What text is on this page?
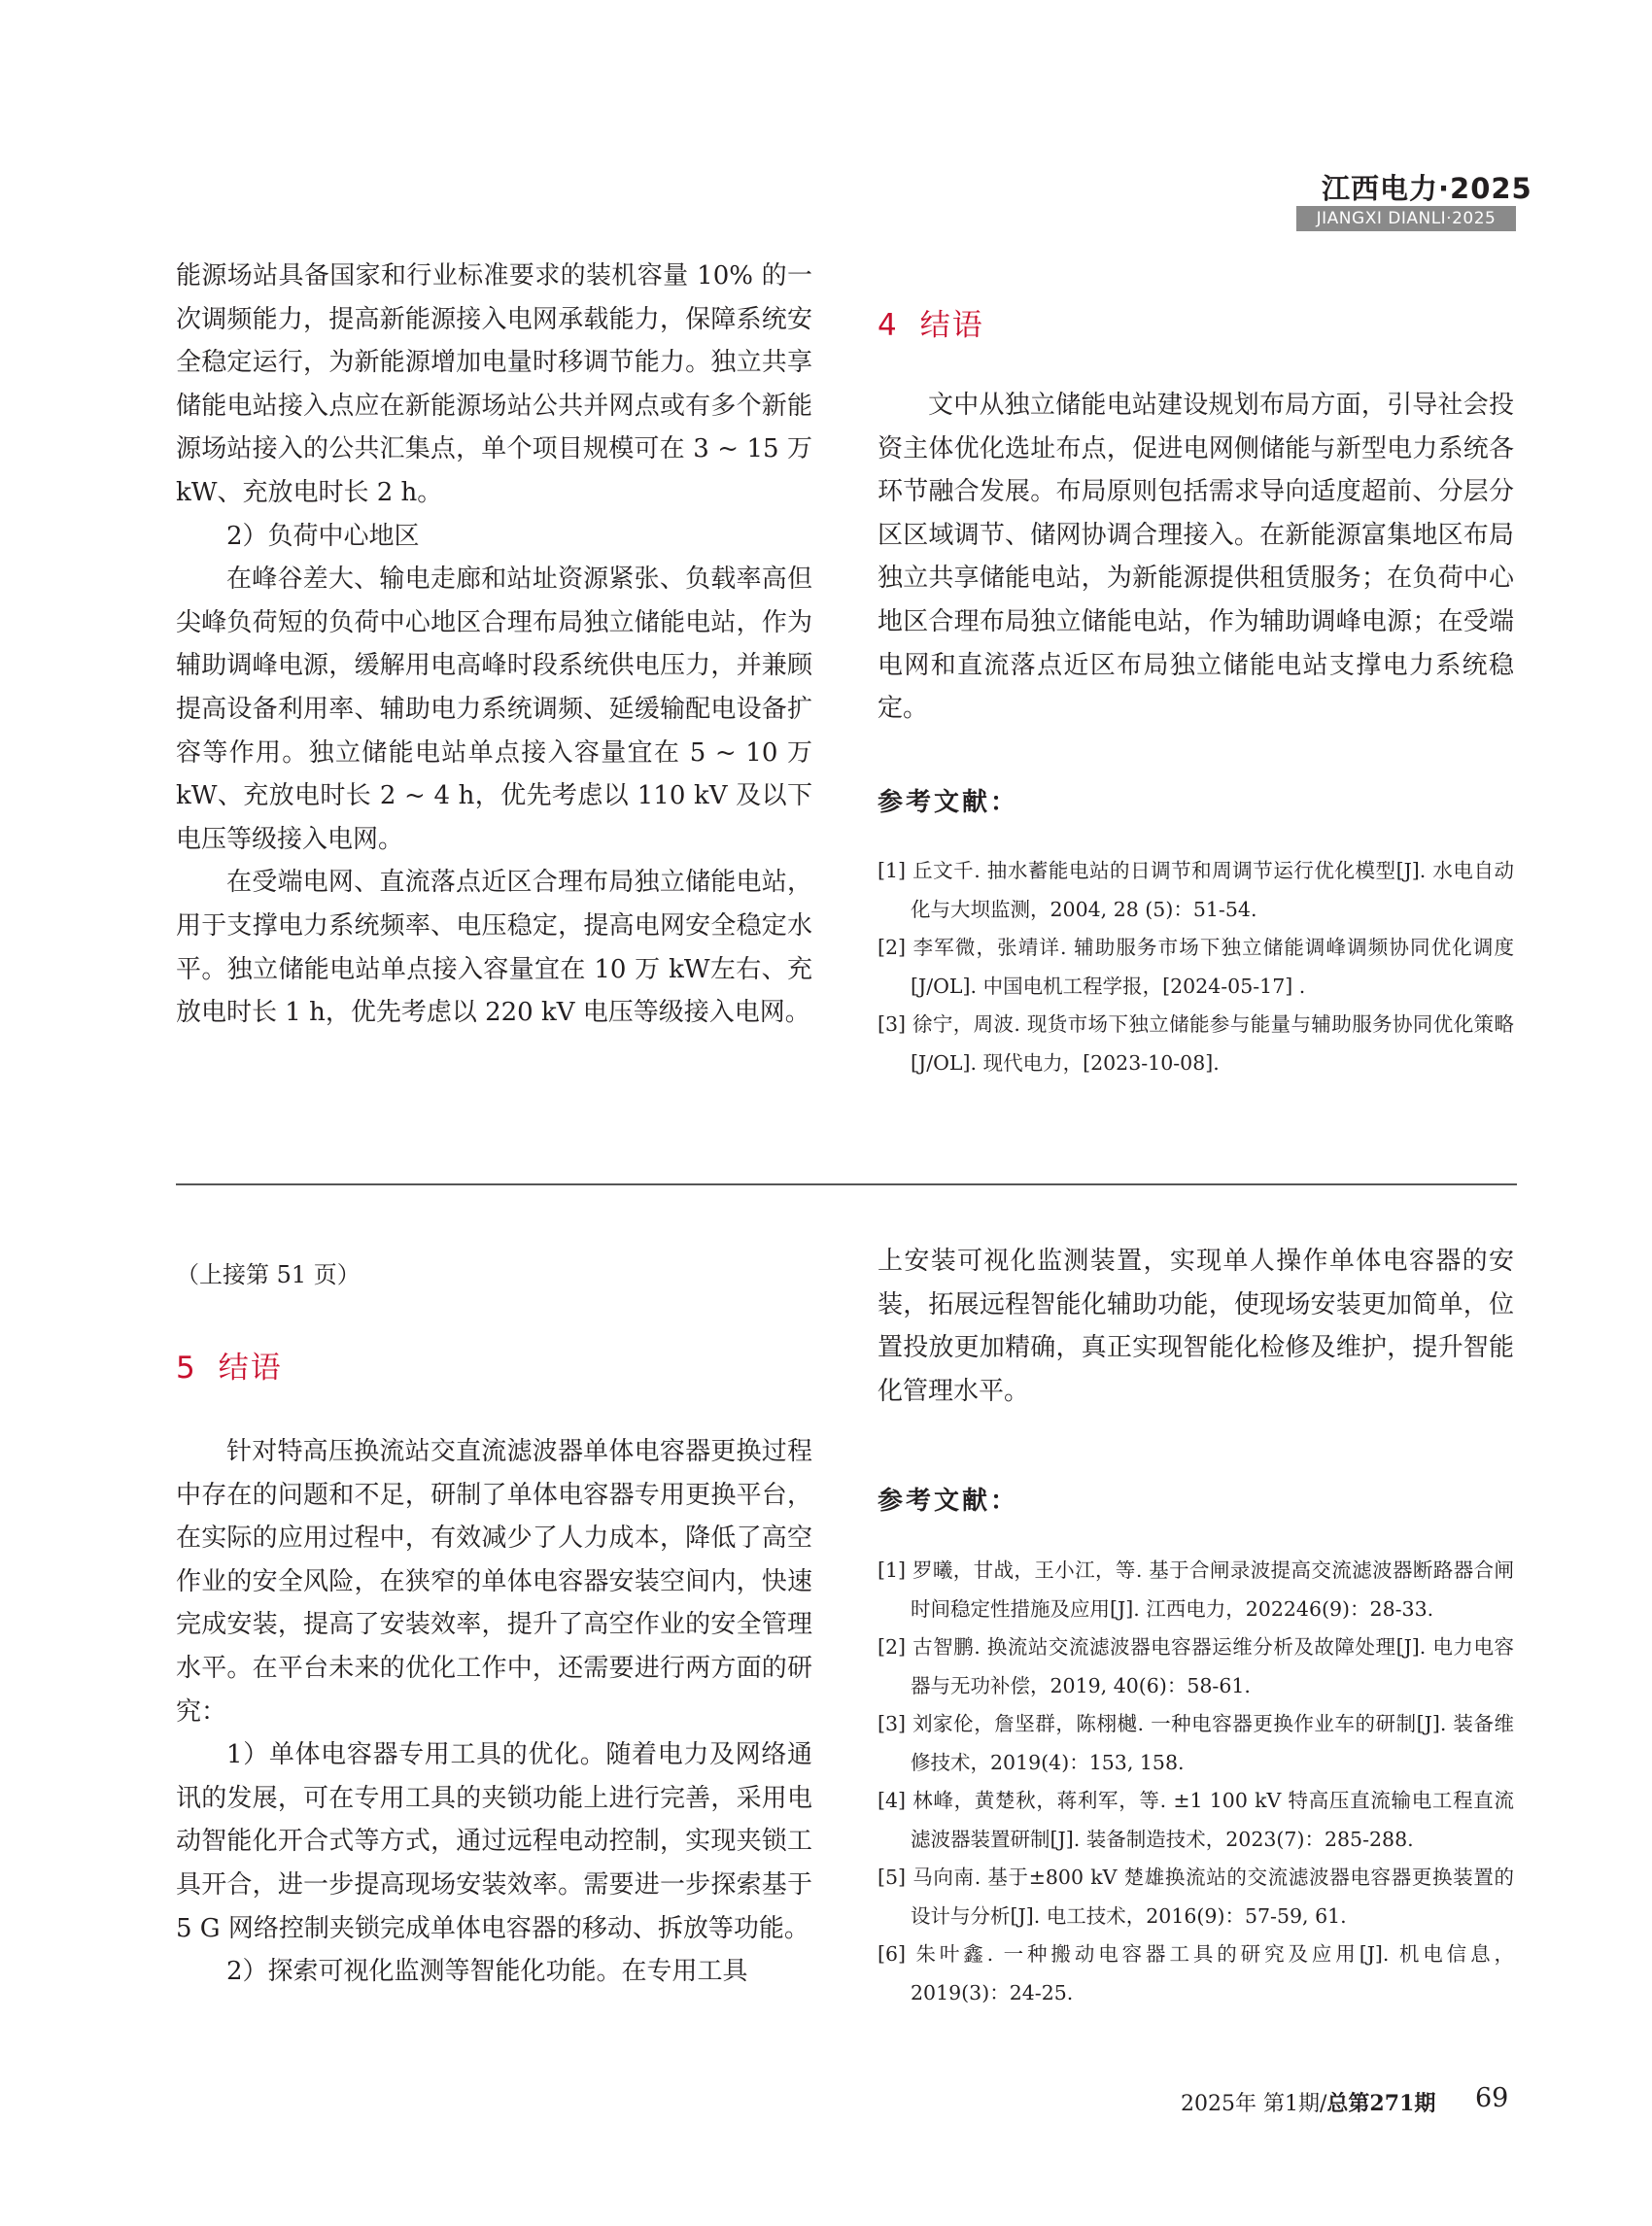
江西电力·2025
JIANGXI DIANLI·2025

能源场站具备国家和行业标准要求的装机容量 10% 的一次调频能力，提高新能源接入电网承载能力，保障系统安全稳定运行，为新能源增加电量时移调节能力。独立共享储能电站接入点应在新能源场站公共并网点或有多个新能源场站接入的公共汇集点，单个项目规模可在 3 ~ 15 万 kW、充放电时长 2 h。

2）负荷中心地区

在峰谷差大、输电走廊和站址资源紧张、负载率高但尖峰负荷短的负荷中心地区合理布局独立储能电站，作为辅助调峰电源，缓解用电高峰时段系统供电压力，并兼顾提高设备利用率、辅助电力系统调频、延缓输配电设备扩容等作用。独立储能电站单点接入容量宜在 5 ~ 10 万 kW、充放电时长 2 ~ 4 h，优先考虑以 110 kV 及以下电压等级接入电网。

在受端电网、直流落点近区合理布局独立储能电站，用于支撑电力系统频率、电压稳定，提高电网安全稳定水平。独立储能电站单点接入容量宜在 10 万 kW左右、充放电时长 1 h，优先考虑以 220 kV 电压等级接入电网。

4 结语

文中从独立储能电站建设规划布局方面，引导社会投资主体优化选址布点，促进电网侧储能与新型电力系统各环节融合发展。布局原则包括需求导向适度超前、分层分区区域调节、储网协调合理接入。在新能源富集地区布局独立共享储能电站，为新能源提供租赁服务；在负荷中心地区合理布局独立储能电站，作为辅助调峰电源；在受端电网和直流落点近区布局独立储能电站支撑电力系统稳定。

参考文献：
[1] 丘文千. 抽水蓄能电站的日调节和周调节运行优化模型[J]. 水电自动化与大坝监测，2004, 28 (5)：51-54.
[2] 李军微，张靖详. 辅助服务市场下独立储能调峰调频协同优化调度[J/OL]. 中国电机工程学报，[2024-05-17] .
[3] 徐宁，周波. 现货市场下独立储能参与能量与辅助服务协同优化策略[J/OL]. 现代电力，[2023-10-08].
（上接第 51 页）
5 结语

针对特高压换流站交直流滤波器单体电容器更换过程中存在的问题和不足，研制了单体电容器专用更换平台，在实际的应用过程中，有效减少了人力成本，降低了高空作业的安全风险，在狭窄的单体电容器安装空间内，快速完成安装，提高了安装效率，提升了高空作业的安全管理水平。在平台未来的优化工作中，还需要进行两方面的研究：

1）单体电容器专用工具的优化。随着电力及网络通讯的发展，可在专用工具的夹锁功能上进行完善，采用电动智能化开合式等方式，通过远程电动控制，实现夹锁工具开合，进一步提高现场安装效率。需要进一步探索基于 5 G 网络控制夹锁完成单体电容器的移动、拆放等功能。

2）探索可视化监测等智能化功能。在专用工具

上安装可视化监测装置，实现单人操作单体电容器的安装，拓展远程智能化辅助功能，使现场安装更加简单，位置投放更加精确，真正实现智能化检修及维护，提升智能化管理水平。

参考文献：
[1] 罗曦，甘战，王小江，等. 基于合闸录波提高交流滤波器断路器合闸时间稳定性措施及应用[J]. 江西电力，202246(9)：28-33.
[2] 古智鹏. 换流站交流滤波器电容器运维分析及故障处理[J]. 电力电容器与无功补偿，2019, 40(6)：58-61.
[3] 刘家伦，詹坚群，陈栩樾. 一种电容器更换作业车的研制[J]. 装备维修技术，2019(4)：153, 158.
[4] 林峰，黄楚秋，蒋利军，等. ±1 100 kV 特高压直流输电工程直流滤波器装置研制[J]. 装备制造技术，2023(7)：285-288.
[5] 马向南. 基于±800 kV 楚雄换流站的交流滤波器电容器更换装置的设计与分析[J]. 电工技术，2016(9)：57-59, 61.
[6] 朱叶鑫. 一种搬动电容器工具的研究及应用[J]. 机电信息，2019(3)：24-25.
2025年 第1期/总第271期 69
